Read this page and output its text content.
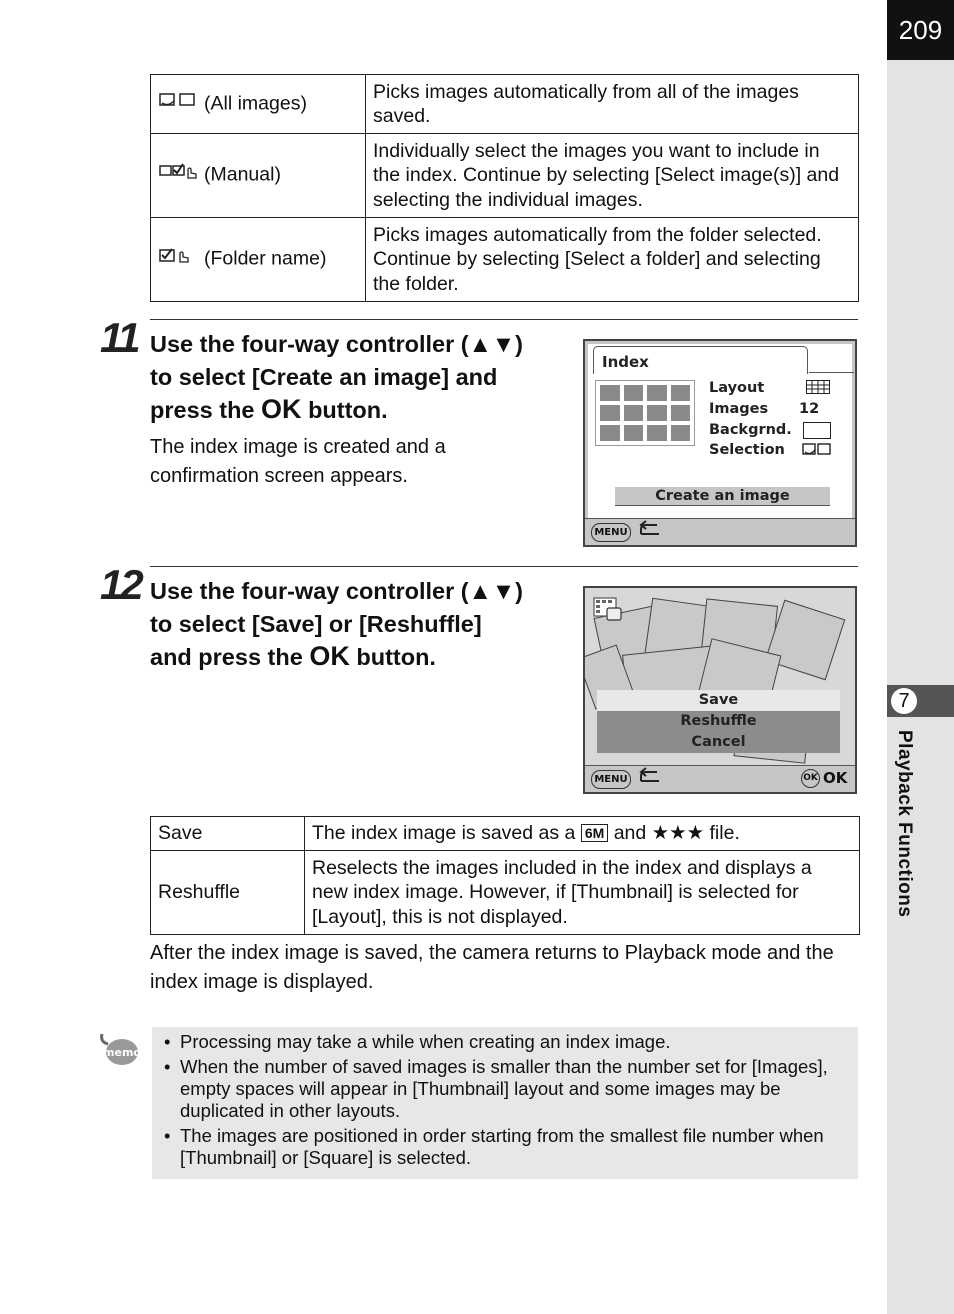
209
7
Playback Functions
(All images)	Picks images automatically from all of the images saved.
(Manual)	Individually select the images you want to include in the index. Continue by selecting [Select image(s)] and selecting the individual images.
(Folder name)	Picks images automatically from the folder selected. Continue by selecting [Select a folder] and selecting the folder.
11 Use the four-way controller (▲▼)
to select [Create an image] and
press the OK button.
The index image is created and a confirmation screen appears.
Index
Layout
Images 12
Backgrnd.
Selection
Create an image
MENU
12 Use the four-way controller (▲▼)
to select [Save] or [Reshuffle]
and press the OK button.
Save
Reshuffle
Cancel
MENU	OK OK
Save	The index image is saved as a 6M and ★★★ file.
Reshuffle	Reselects the images included in the index and displays a new index image. However, if [Thumbnail] is selected for [Layout], this is not displayed.
After the index image is saved, the camera returns to Playback mode and the index image is displayed.
memo
• Processing may take a while when creating an index image.
• When the number of saved images is smaller than the number set for [Images], empty spaces will appear in [Thumbnail] layout and some images may be duplicated in other layouts.
• The images are positioned in order starting from the smallest file number when [Thumbnail] or [Square] is selected.
